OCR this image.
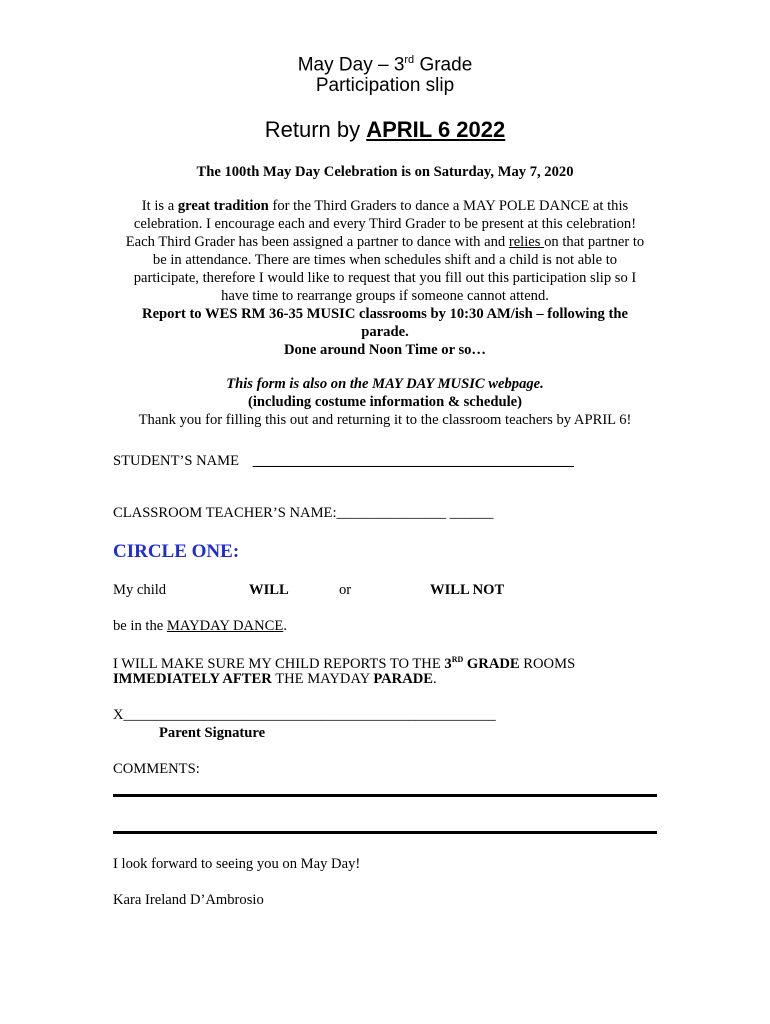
May Day – 3rd Grade
Participation slip
Return by APRIL 6 2022
The 100th May Day Celebration is on Saturday, May 7, 2020
It is a great tradition for the Third Graders to dance a MAY POLE DANCE at this
celebration. I encourage each and every Third Grader to be present at this celebration!
Each Third Grader has been assigned a partner to dance with and relies on that partner to
be in attendance. There are times when schedules shift and a child is not able to
participate, therefore I would like to request that you fill out this participation slip so I
have time to rearrange groups if someone cannot attend.
Report to WES RM 36-35 MUSIC classrooms by 10:30 AM/ish – following the
parade.
Done around Noon Time or so…
This form is also on the MAY DAY MUSIC webpage.
(including costume information & schedule)
Thank you for filling this out and returning it to the classroom teachers by APRIL 6!
STUDENT’S NAME ____________________________________________
CLASSROOM TEACHER’S NAME:_______________ ______
CIRCLE ONE:
My child	WILL	or	WILL NOT
be in the MAYDAY DANCE.
I WILL MAKE SURE MY CHILD REPORTS TO THE 3RD GRADE ROOMS
IMMEDIATELY AFTER THE MAYDAY PARADE.
X___________________________________________________
Parent Signature
COMMENTS:
I look forward to seeing you on May Day!
Kara Ireland D’Ambrosio
